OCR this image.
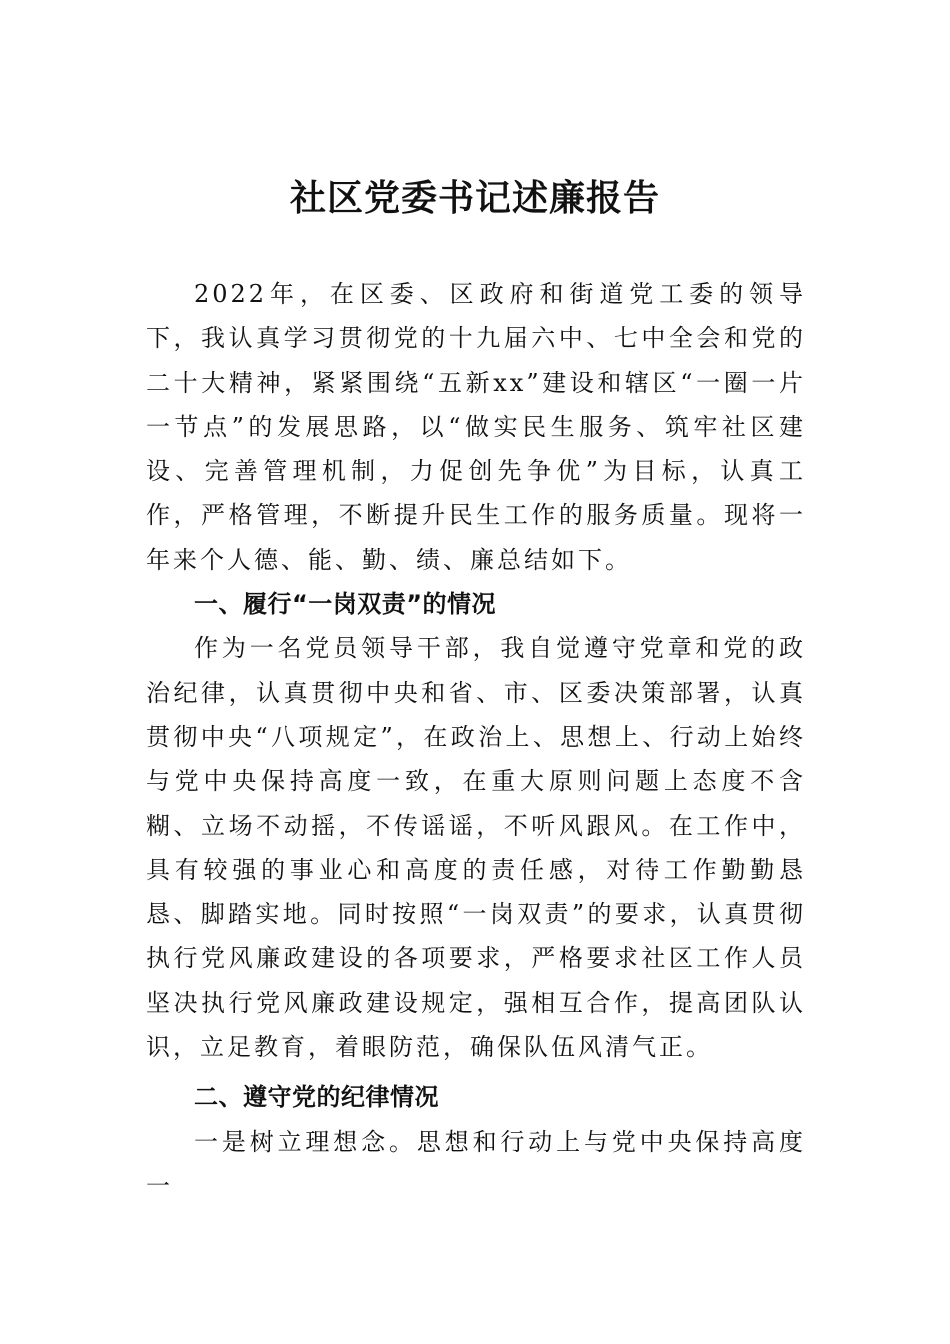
社区党委书记述廉报告

2022年，在区委、区政府和街道党工委的领导下，我认真学习贯彻党的十九届六中、七中全会和党的二十大精神，紧紧围绕“五新xx”建设和辖区“一圈一片一节点”的发展思路，以“做实民生服务、筑牢社区建设、完善管理机制，力促创先争优”为目标，认真工作，严格管理，不断提升民生工作的服务质量。现将一年来个人德、能、勤、绩、廉总结如下。

一、履行“一岗双责”的情况

作为一名党员领导干部，我自觉遵守党章和党的政治纪律，认真贯彻中央和省、市、区委决策部署，认真贯彻中央“八项规定”，在政治上、思想上、行动上始终与党中央保持高度一致，在重大原则问题上态度不含糊、立场不动摇，不传谣谣，不听风跟风。在工作中，具有较强的事业心和高度的责任感，对待工作勤勤恳恳、脚踏实地。同时按照“一岗双责”的要求，认真贯彻执行党风廉政建设的各项要求，严格要求社区工作人员坚决执行党风廉政建设规定，强相互合作，提高团队认识，立足教育，着眼防范，确保队伍风清气正。

二、遵守党的纪律情况

一是树立理想念。思想和行动上与党中央保持高度一
